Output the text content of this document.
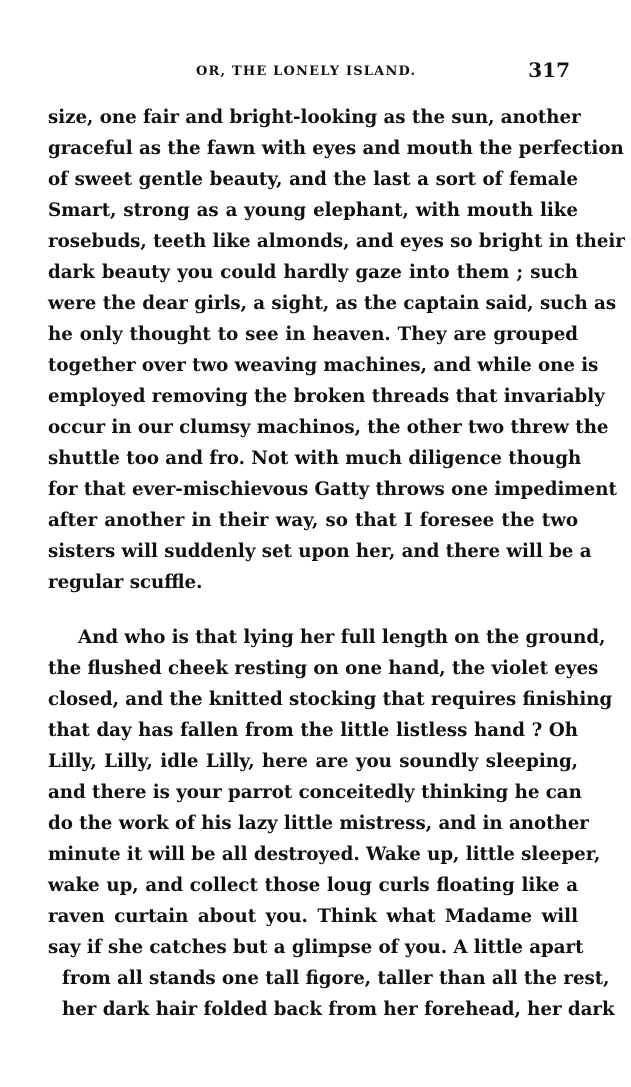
OR, THE LONELY ISLAND.	317
size, one fair and bright-looking as the sun, another
graceful as the fawn with eyes and mouth the perfection
of sweet gentle beauty, and the last a sort of female
Smart, strong as a young elephant, with mouth like
rosebuds, teeth like almonds, and eyes so bright in their
dark beauty you could hardly gaze into them ; such
were the dear girls, a sight, as the captain said, such as
he only thought to see in heaven. They are grouped
together over two weaving machines, and while one is
employed removing the broken threads that invariably
occur in our clumsy machinos, the other two threw the
shuttle too and fro. Not with much diligence though
for that ever-mischievous Gatty throws one impediment
after another in their way, so that I foresee the two
sisters will suddenly set upon her, and there will be a
regular scuffle.
And who is that lying her full length on the ground,
the flushed cheek resting on one hand, the violet eyes
closed, and the knitted stocking that requires finishing
that day has fallen from the little listless hand ? Oh
Lilly, Lilly, idle Lilly, here are you soundly sleeping,
and there is your parrot conceitedly thinking he can
do the work of his lazy little mistress, and in another
minute it will be all destroyed. Wake up, little sleeper,
wake up, and collect those loug curls floating like a
raven curtain about you. Think what Madame will
say if she catches but a glimpse of you. A little apart
from all stands one tall figore, taller than all the rest,
her dark hair folded back from her forehead, her dark
